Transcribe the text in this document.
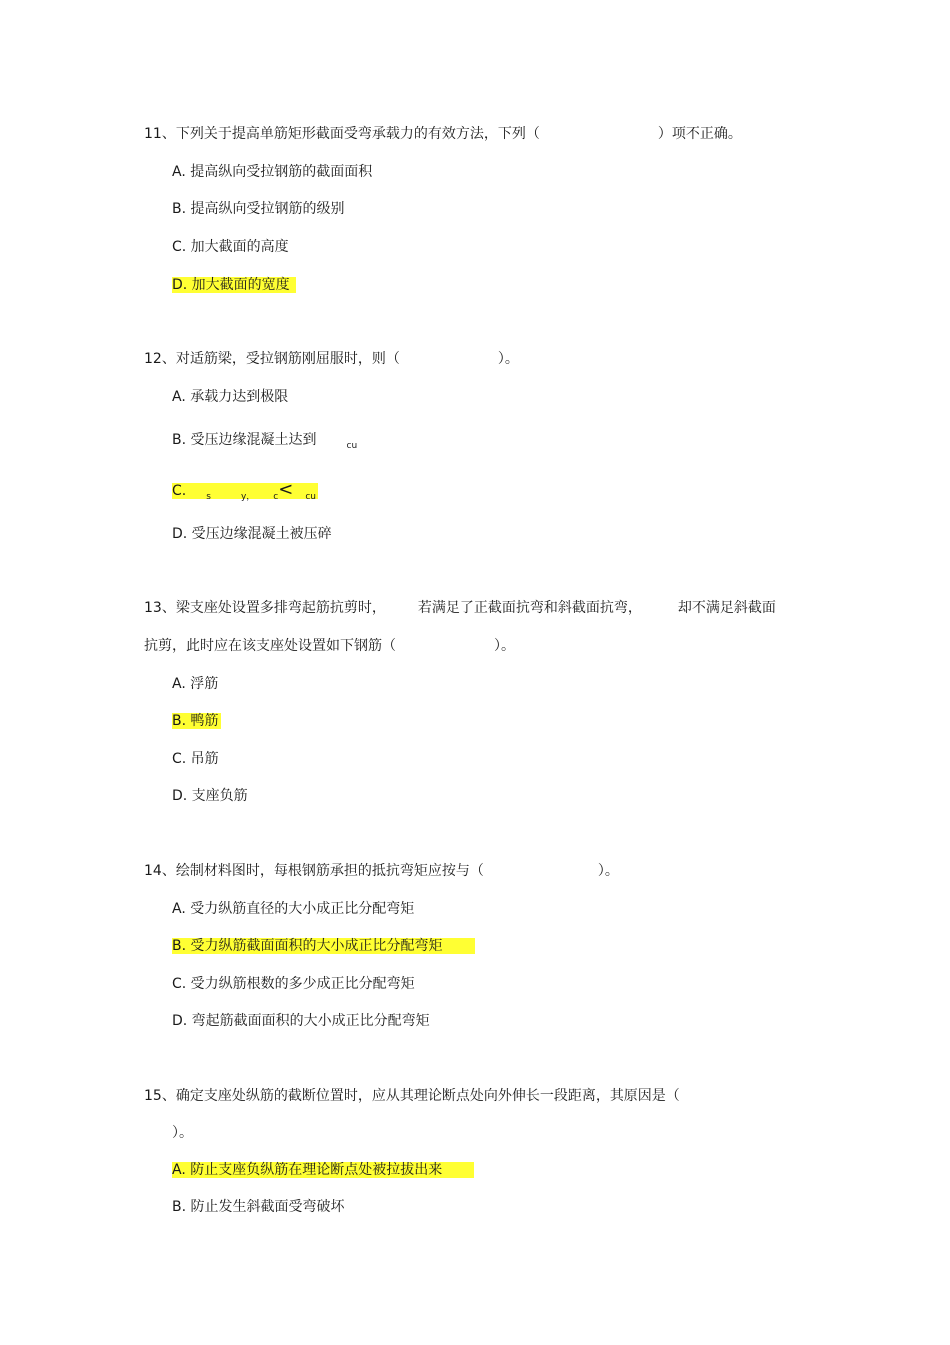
11、下列关于提高单筋矩形截面受弯承载力的有效方法，下列（	）项不正确。
A. 提高纵向受拉钢筋的截面面积
B. 提高纵向受拉钢筋的级别
C. 加大截面的高度
D. 加大截面的宽度
12、对适筋梁，受拉钢筋刚屈服时，则（	）。
A. 承载力达到极限
B. 受压边缘混凝土达到	$_{cu}$
C. $_s$	$_{y,}$ $_c$< $_{cu}$
D. 受压边缘混凝土被压碎
13、梁支座处设置多排弯起筋抗剪时， 若满足了正截面抗弯和斜截面抗弯，	却不满足斜截面
抗剪，此时应在该支座处设置如下钢筋（	）。
A. 浮筋
B. 鸭筋
C. 吊筋
D. 支座负筋
14、绘制材料图时，每根钢筋承担的抵抗弯矩应按与（	）。
A. 受力纵筋直径的大小成正比分配弯矩
B. 受力纵筋截面面积的大小成正比分配弯矩
C. 受力纵筋根数的多少成正比分配弯矩
D. 弯起筋截面面积的大小成正比分配弯矩
15、确定支座处纵筋的截断位置时，应从其理论断点处向外伸长一段距离，其原因是（
）。
A. 防止支座负纵筋在理论断点处被拉拔出来
B. 防止发生斜截面受弯破坏
